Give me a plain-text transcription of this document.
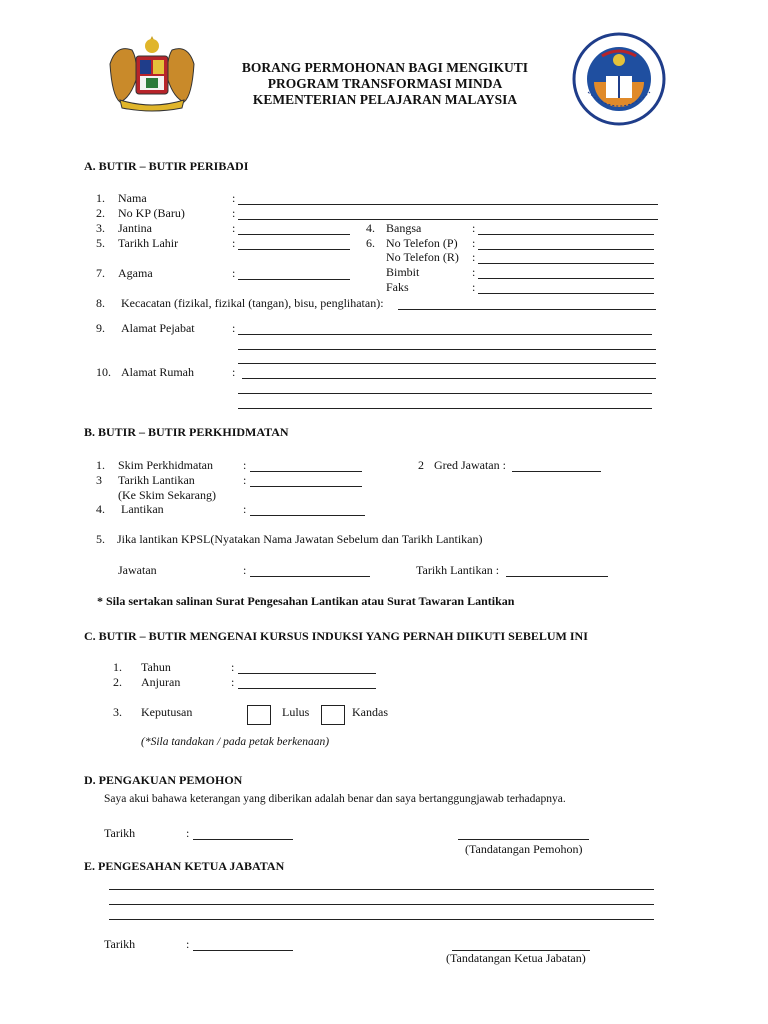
BORANG PERMOHONAN BAGI MENGIKUTI
PROGRAM TRANSFORMASI MINDA
KEMENTERIAN PELAJARAN MALAYSIA
A. BUTIR – BUTIR PERIBADI
1. Nama	:
2. No KP (Baru)	:
3. Jantina	:	4. Bangsa	:
5. Tarikh Lahir	:	6. No Telefon (P) :
No Telefon (R) :
7. Agama	:	Bimbit	:
Faks	:
8. Kecacatan (fizikal, fizikal (tangan), bisu, penglihatan):
9. Alamat Pejabat	:
10. Alamat Rumah	:
B. BUTIR – BUTIR PERKHIDMATAN
1. Skim Perkhidmatan	:	2 Gred Jawatan :
3 Tarikh Lantikan	:
(Ke Skim Sekarang)
4. Lantikan	:
5. Jika lantikan KPSL(Nyatakan Nama Jawatan Sebelum dan Tarikh Lantikan)
Jawatan	:	Tarikh Lantikan :
* Sila sertakan salinan Surat Pengesahan Lantikan atau Surat Tawaran Lantikan
C. BUTIR – BUTIR MENGENAI KURSUS INDUKSI YANG PERNAH DIIKUTI SEBELUM INI
1. Tahun	:
2. Anjuran	:
3. Keputusan	Lulus	Kandas
(*Sila tandakan / pada petak berkenaan)
D. PENGAKUAN PEMOHON
Saya akui bahawa keterangan yang diberikan adalah benar dan saya bertanggungjawab terhadapnya.
Tarikh	:
(Tandatangan Pemohon)
E. PENGESAHAN KETUA JABATAN
Tarikh	:
(Tandatangan Ketua Jabatan)
